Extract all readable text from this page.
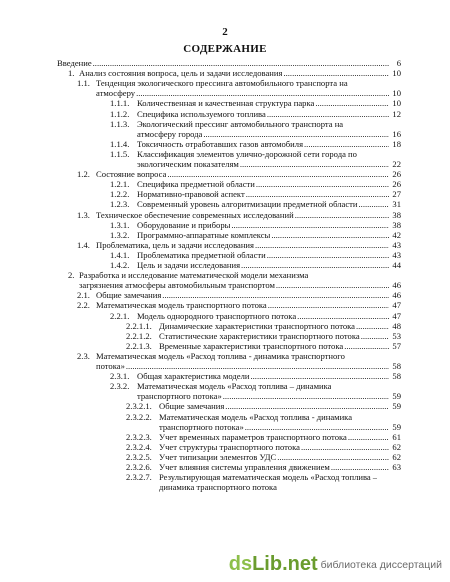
2
СОДЕРЖАНИЕ
Введение .....	6
1. Анализ состояния вопроса, цель и задачи исследования .....	10
1.1. Тенденция экологического прессинга автомобильного транспорта на
атмосферу .....	10
1.1.1. Количественная и качественная структура парка .....	10
1.1.2. Специфика используемого топлива .....	12
1.1.3. Экологический прессинг автомобильного транспорта на
атмосферу города .....	16
1.1.4. Токсичность отработавших газов автомобиля .....	18
1.1.5. Классификация элементов улично-дорожной сети города по
экологическим показателям .....	22
1.2. Состояние вопроса .....	26
1.2.1. Специфика предметной области .....	26
1.2.2. Нормативно-правовой аспект .....	27
1.2.3. Современный уровень алгоритмизации предметной области .....	31
1.3. Техническое обеспечение современных исследований .....	38
1.3.1. Оборудование и приборы .....	38
1.3.2. Программно-аппаратные комплексы .....	42
1.4. Проблематика, цель и задачи исследования .....	43
1.4.1. Проблематика предметной области .....	43
1.4.2. Цель и задачи исследования .....	44
2. Разработка и исследование математической модели механизма
загрязнения атмосферы автомобильным транспортом .....	46
2.1. Общие замечания .....	46
2.2. Математическая модель транспортного потока .....	47
2.2.1. Модель однородного транспортного потока .....	47
2.2.1.1. Динамические характеристики транспортного потока .....	48
2.2.1.2. Статистические характеристики транспортного потока .....	53
2.2.1.3. Временные характеристики транспортного потока .....	57
2.3. Математическая модель «Расход топлива - динамика транспортного
потока» .....	58
2.3.1. Общая характеристика модели .....	58
2.3.2. Математическая модель «Расход топлива – динамика
транспортного потока» .....	59
2.3.2.1. Общие замечания .....	59
2.3.2.2. Математическая модель «Расход топлива - динамика
транспортного потока» .....	59
2.3.2.3. Учет временных параметров транспортного потока .....	61
2.3.2.4. Учет структуры транспортного потока .....	62
2.3.2.5. Учет типизации элементов УДС .....	62
2.3.2.6. Учет влияния системы управления движением .....	63
2.3.2.7. Результирующая математическая модель «Расход топлива –
динамика транспортного потока
dsLib.net библиотека диссертаций
